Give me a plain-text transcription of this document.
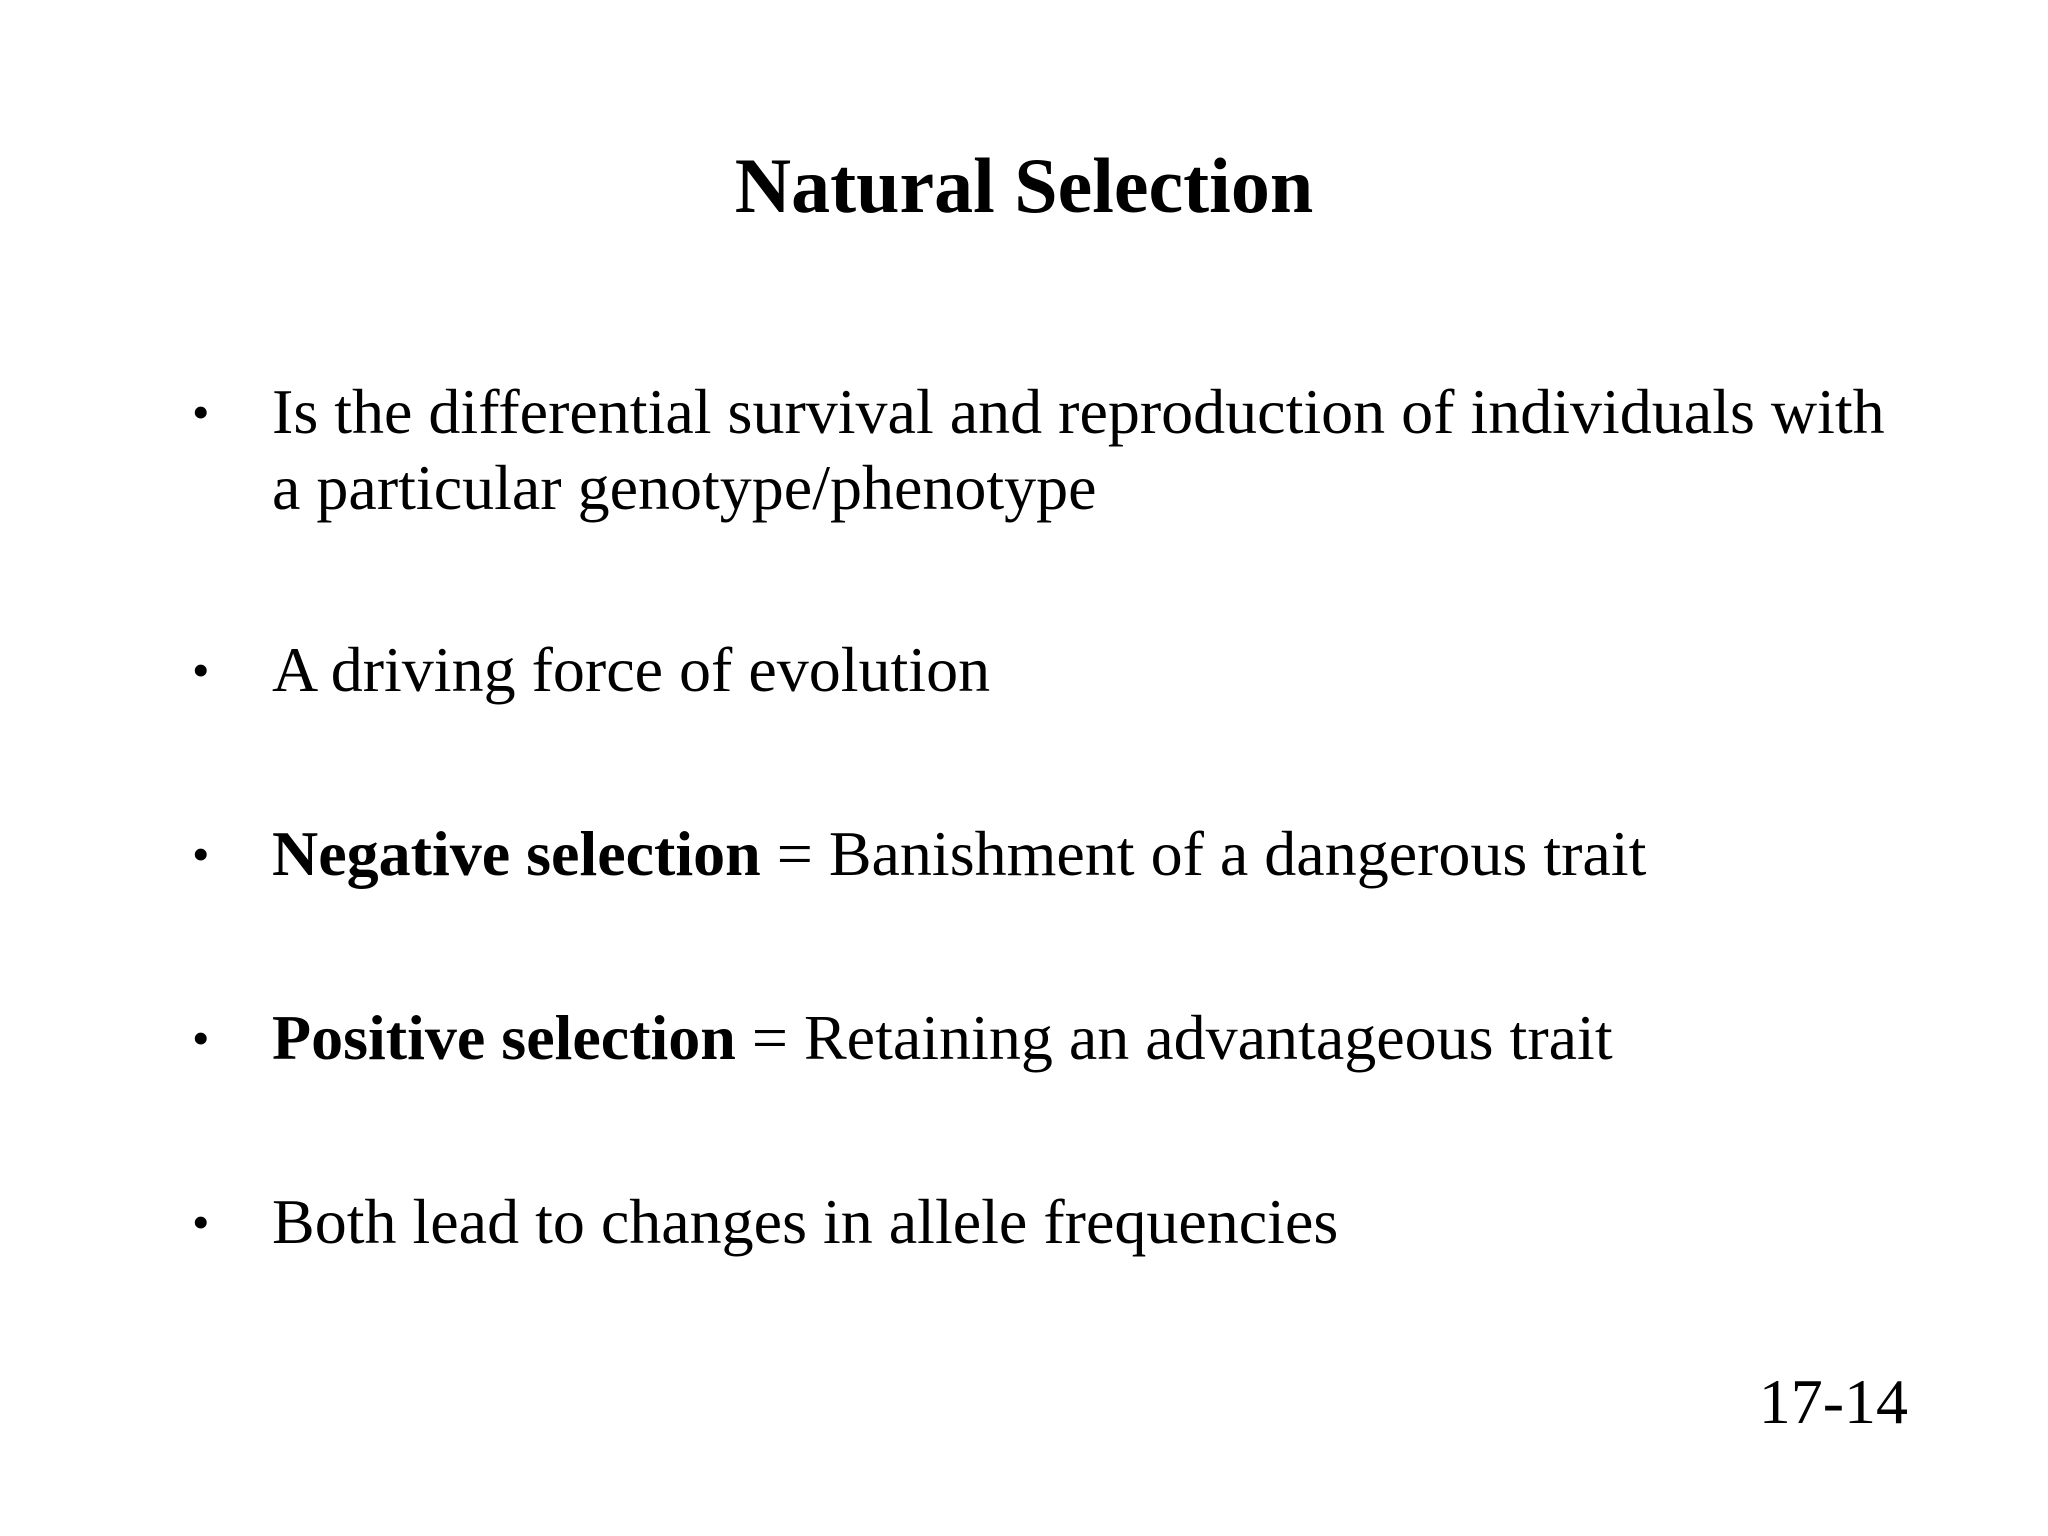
Natural Selection
• Is the differential survival and reproduction of individuals with a particular genotype/phenotype
• A driving force of evolution
• Negative selection = Banishment of a dangerous trait
• Positive selection = Retaining an advantageous trait
• Both lead to changes in allele frequencies
17-14
